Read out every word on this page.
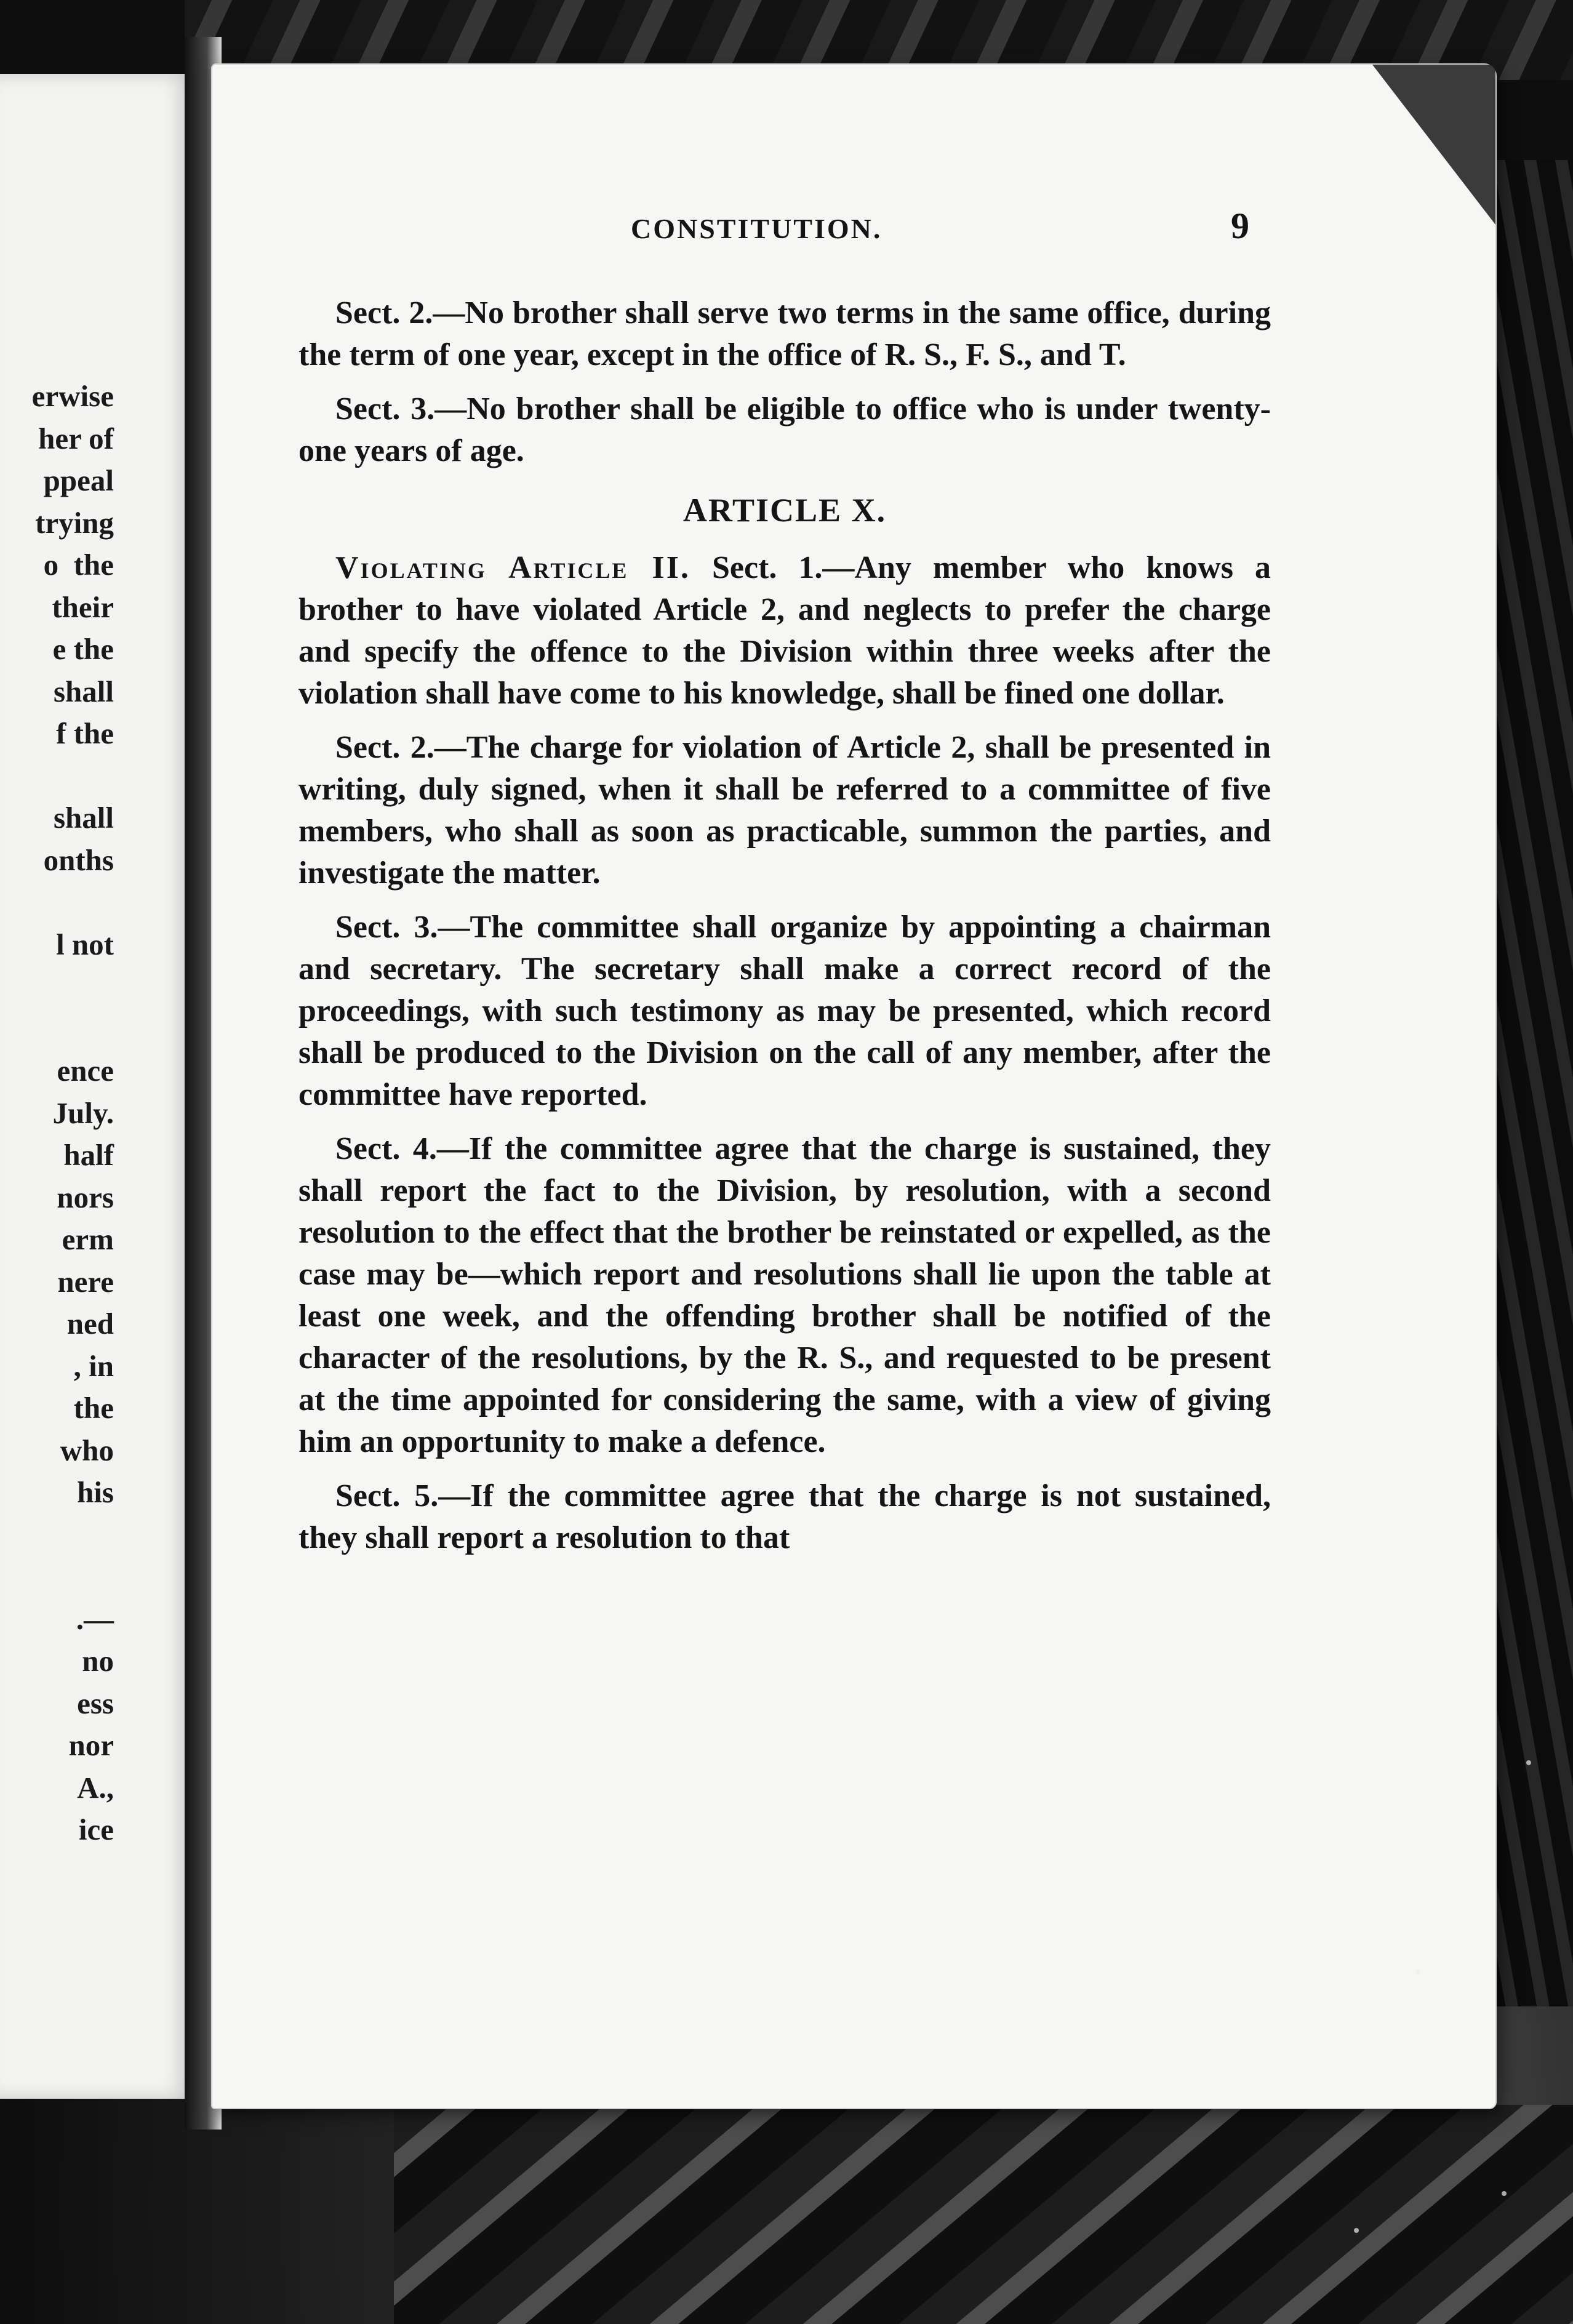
erwise
her of
ppeal
trying
o  the
their
e the
shall
f the

shall
onths

l not

ence
July.
half
nors
erm
nere
ned
, in
the
who
his

.—
no
ess
nor
A.,
ice
CONSTITUTION.	9

Sect. 2.—No brother shall serve two terms in the same office, during the term of one year, except in the office of R. S., F. S., and T.

Sect. 3.—No brother shall be eligible to office who is under twenty-one years of age.

ARTICLE X.

Violating Article II. Sect. 1.—Any member who knows a brother to have violated Article 2, and neglects to prefer the charge and specify the offence to the Division within three weeks after the violation shall have come to his knowledge, shall be fined one dollar.

Sect. 2.—The charge for violation of Article 2, shall be presented in writing, duly signed, when it shall be referred to a committee of five members, who shall as soon as practicable, summon the parties, and investigate the matter.

Sect. 3.—The committee shall organize by appointing a chairman and secretary. The secretary shall make a correct record of the proceedings, with such testimony as may be presented, which record shall be produced to the Division on the call of any member, after the committee have reported.

Sect. 4.—If the committee agree that the charge is sustained, they shall report the fact to the Division, by resolution, with a second resolution to the effect that the brother be reinstated or expelled, as the case may be—which report and resolutions shall lie upon the table at least one week, and the offending brother shall be notified of the character of the resolutions, by the R. S., and requested to be present at the time appointed for considering the same, with a view of giving him an opportunity to make a defence.

Sect. 5.—If the committee agree that the charge is not sustained, they shall report a resolution to that
